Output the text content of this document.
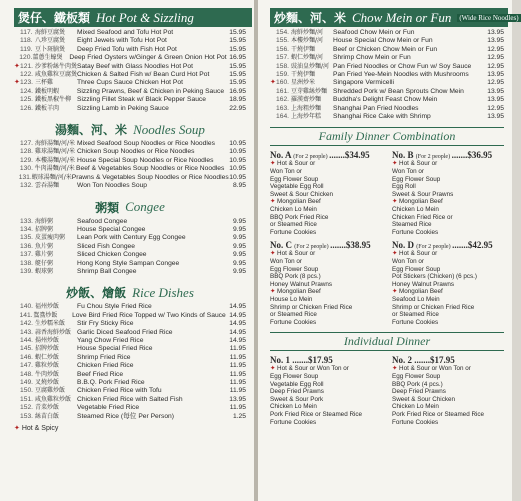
煲仔、鐵板類 Hot Pot & Sizzling
117. 海鮮豆腐煲	Mixed Seafood and Tofu Hot Pot	15.95
118. 八珍豆腐煲	Eight Jewels with Tofu Hot Pot	15.95
119. 豆卜斑腩煲	Deep Fried Tofu with Fish Hot Pot	15.95
120. 薑蔥生蠔煲	Deep Fried Oysters w/Ginger & Green Onion Hot Pot 16.95
✦ 121. 沙爹粉絲牛肉煲 Satay Beef with Glass Noodles Hot Pot	15.95
122. 咸魚雞粒豆腐煲 Chicken & Salted Fish w/ Bean Curd Hot Pot	15.95
✦ 123. 三杯雞	Three Cups Sauce Chicken Hot Pot	15.95
124. 鐵板明蝦	Sizzling Prawns, Beef & Chicken in Peking Sauce 16.95
125. 鐵板黑椒牛柳 Sizzling Fillet Steak w/ Black Pepper Sauce	18.95
126. 鐵板羊肉	Sizzling Lamb in Peking Sauce	22.95
湯麵、河、米 Noodles Soup
127. 海鮮湯麵/河/米 Mixed Seafood Soup Noodles or Rice Noodles	10.95
128. 雞球湯麵/河/米 Chicken Soup Noodles or Rice Noodles	10.95
129. 本樓湯麵/河/米 House Special Soup Noodles or Rice Noodles	10.95
130. 牛肉湯麵/河/米 Beef & Vegetables Soup Noodles or Rice Noodles 10.95
131. 蝦球湯麵/河/米 Prawns & Vegetables Soup Noodles or Rice Noodles 10.95
132. 雲吞湯麵	Won Ton Noodles Soup	8.95
粥類 Congee
133. 海鮮粥	Seafood Congee	9.95
134. 招牌粥	House Special Congee	9.95
135. 皮蛋瘦肉粥	Lean Pork with Century Egg Congee	9.95
136. 魚片粥	Sliced Fish Congee	9.95
137. 雞片粥	Sliced Chicken Congee	9.95
138. 艇仔粥	Hong Kong Style Sampan Congee	9.95
139. 蝦球粥	Shrimp Ball Congee	9.95
炒飯、燴飯 Rice Dishes
140. 福州炒飯	Fu Chou Style Fried Rice	14.95
141. 鴛鴦炒飯	Love Bird Fried Rice Topped w/ Two Kinds of Sauce 14.95
142. 生炒糯米飯	Stir Fry Sticky Rice	14.95
143. 蒜香海鮮炒飯 Garlic Diced Seafood Fried Rice	14.95
144. 揚州炒飯	Yang Chow Fried Rice	14.95
145. 招牌炒飯	House Special Fried Rice	11.95
146. 蝦仁炒飯	Shrimp Fried Rice	11.95
147. 雞粒炒飯	Chicken Fried Rice	11.95
148. 牛肉炒飯	Beef Fried Rice	11.95
149. 叉燒炒飯	B.B.Q. Pork Fried Rice	11.95
150. 豆腐雞炒飯	Chicken Fried Rice with Tofu	11.95
151. 咸魚雞粒炒飯 Chicken Fried Rice with Salted Fish	13.95
152. 青菜炒飯	Vegetable Fried Rice	11.95
153. 絲苗白飯	Steamed Rice (每位 Per Person)	1.25
✦ Hot & Spicy
炒麵、河、米 Chow Mein or Fun (Wide Rice Noodles)
154. 海鮮炒麵/河	Seafood Chow Mein or Fun	13.95
155. 本樓炒麵/河	House Special Chow Mein or Fun	13.95
156. 干燒伊麵	Beef or Chicken Chow Mein or Fun	12.95
157. 蝦仁炒麵/河	Shrimp Chow Mein or Fun	12.95
158. 豉油皇炒麵/河 Pan Fried Noodles or Chow Fun w/ Soy Sauce	12.95
159. 干燒伊麵	Pan Fried Yee-Mein Noodles with Mushrooms	13.95
✦ 160. 星洲炒米	Singapore Vermicelli	12.95
161. 豆芽雞絲炒麵 Shredded Pork w/ Bean Sprouts Chow Mein	13.95
162. 羅漢齋炒麵	Buddha's Delight Feast Chow Mein	13.95
163. 上海粗炒麵	Shanghai Pan Fried Noodles	12.95
164. 上海炒年糕	Shanghai Rice Cake with Shrimp	13.95
Family Dinner Combination
No. A (For 2 people) .......$34.95
✦ Hot & Sour or
Won Ton or
Egg Flower Soup
Vegetable Egg Roll
Sweet & Sour Chicken
✦ Mongolian Beef
Chicken Lo Mein
BBQ Pork Fried Rice
or Steamed Rice
Fortune Cookies
No. B (For 2 people) .......$36.95
✦ Hot & Sour or
Won Ton or
Egg Flower Soup
Egg Roll
Sweet & Sour Prawns
✦ Mongolian Beef
Chicken Lo Mein
Chicken Fried Rice or
Steamed Rice
Fortune Cookies
No. C (For 2 people) .......$38.95
✦ Hot & Sour or
Won Ton or
Egg Flower Soup
BBQ Pork (8 pcs.)
Honey Walnut Prawns
✦ Mongolian Beef
House Lo Mein
Shrimp or Chicken Fried Rice
or Steamed Rice
Fortune Cookies
No. D (For 2 people) .......$42.95
✦ Hot & Sour or
Won Ton or
Egg Flower Soup
Pot Stickers (Chicken) (6 pcs.)
Honey Walnut Prawns
✦ Mongolian Beef
Seafood Lo Mein
Shrimp or Chicken Fried Rice
or Steamed Rice
Fortune Cookies
Individual Dinner
No. 1 .......$17.95
✦ Hot & Sour or Won Ton or
Egg Flower Soup
Vegetable Egg Roll
Deep Fried Prawns
Sweet & Sour Pork
Chicken Lo Mein
Pork Fried Rice or Steamed Rice
Fortune Cookies
No. 2 .......$17.95
✦ Hot & Sour or Won Ton or
Egg Flower Soup
BBQ Pork (4 pcs.)
Deep Fried Prawns
Sweet & Sour Chicken
Chicken Lo Mein
Pork Fried Rice or Steamed Rice
Fortune Cookies
